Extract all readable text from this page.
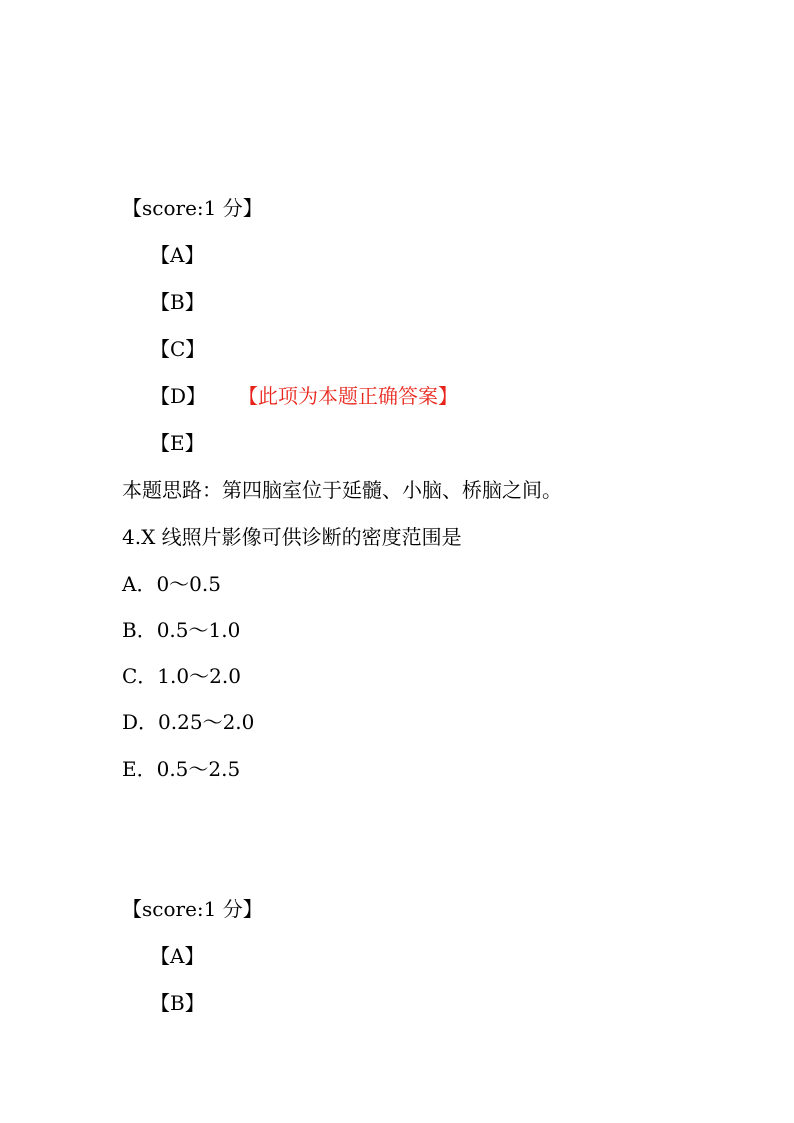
【score:1 分】
【A】
【B】
【C】
【D】 【此项为本题正确答案】
【E】
本题思路：第四脑室位于延髓、小脑、桥脑之间。
4.X 线照片影像可供诊断的密度范围是
A．0～0.5
B．0.5～1.0
C．1.0～2.0
D．0.25～2.0
E．0.5～2.5
【score:1 分】
【A】
【B】
